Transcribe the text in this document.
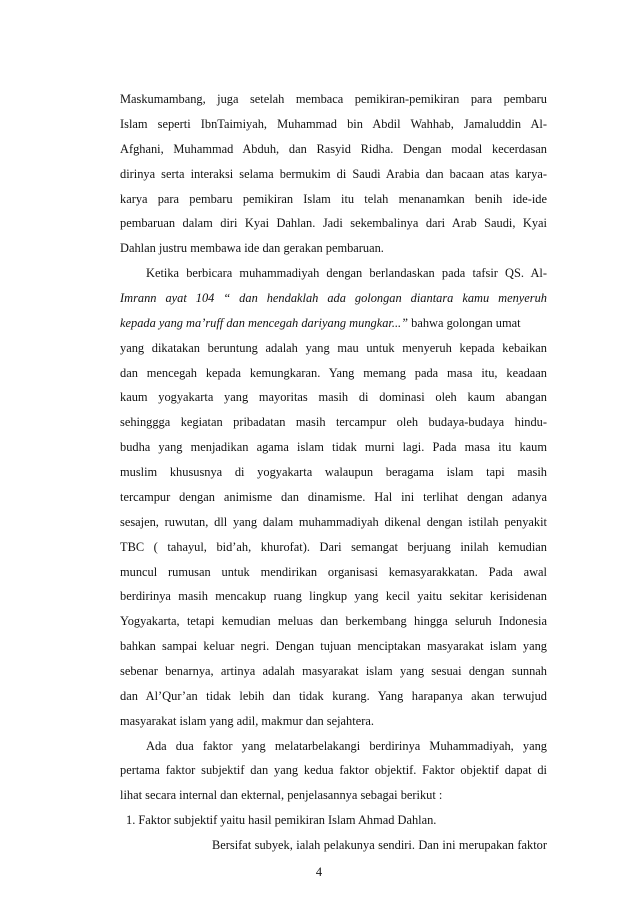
Maskumambang, juga setelah membaca pemikiran-pemikiran para pembaru
Islam seperti IbnTaimiyah, Muhammad bin Abdil Wahhab, Jamaluddin Al-
Afghani, Muhammad Abduh, dan Rasyid Ridha. Dengan modal kecerdasan
dirinya serta interaksi selama bermukim di Saudi Arabia dan bacaan atas karya-
karya para pembaru pemikiran Islam itu telah menanamkan benih ide-ide
pembaruan dalam diri Kyai Dahlan. Jadi sekembalinya dari Arab Saudi, Kyai
Dahlan justru membawa ide dan gerakan pembaruan.
Ketika berbicara muhammadiyah dengan berlandaskan pada tafsir QS. Al-
Imrann ayat 104 “ dan hendaklah ada golongan diantara kamu menyeruh
kepada yang ma’ruff dan mencegah dariyang mungkar...” bahwa golongan umat
yang dikatakan beruntung adalah yang mau untuk menyeruh kepada kebaikan
dan mencegah kepada kemungkaran. Yang memang pada masa itu, keadaan
kaum yogyakarta yang mayoritas masih di dominasi oleh kaum abangan
sehinggga kegiatan pribadatan masih tercampur oleh budaya-budaya hindu-
budha yang menjadikan agama islam tidak murni lagi. Pada masa itu kaum
muslim khususnya di yogyakarta walaupun beragama islam tapi masih
tercampur dengan animisme dan dinamisme. Hal ini terlihat dengan adanya
sesajen, ruwutan, dll yang dalam muhammadiyah dikenal dengan istilah penyakit
TBC ( tahayul, bid’ah, khurofat). Dari semangat berjuang inilah kemudian
muncul rumusan untuk mendirikan organisasi kemasyarakkatan. Pada awal
berdirinya masih mencakup ruang lingkup yang kecil yaitu sekitar kerisidenan
Yogyakarta, tetapi kemudian meluas dan berkembang hingga seluruh Indonesia
bahkan sampai keluar negri. Dengan tujuan menciptakan masyarakat islam yang
sebenar benarnya, artinya adalah masyarakat islam yang sesuai dengan sunnah
dan Al’Qur’an tidak lebih dan tidak kurang. Yang harapanya akan terwujud
masyarakat islam yang adil, makmur dan sejahtera.
Ada dua faktor yang melatarbelakangi berdirinya Muhammadiyah, yang
pertama faktor subjektif dan yang kedua faktor objektif. Faktor objektif dapat di
lihat secara internal dan ekternal, penjelasannya sebagai berikut :
1. Faktor subjektif yaitu hasil pemikiran Islam Ahmad Dahlan.
Bersifat subyek, ialah pelakunya sendiri. Dan ini merupakan faktor
4
